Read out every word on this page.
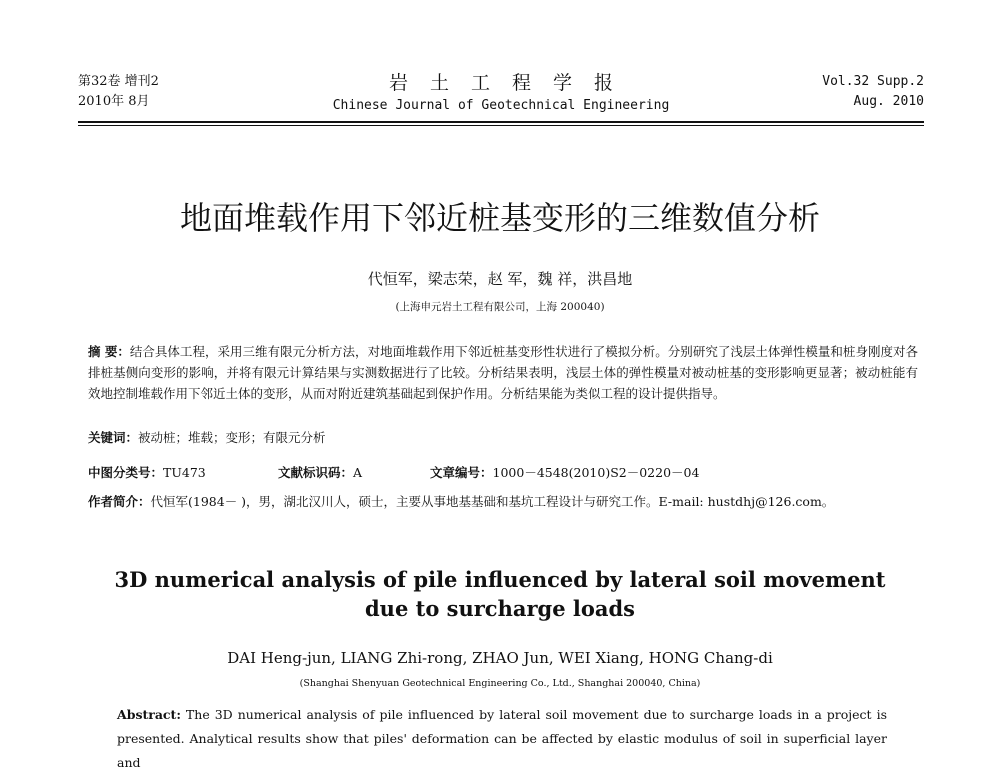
第32卷 增刊2
2010年 8月
岩土工程学报
Chinese Journal of Geotechnical Engineering
Vol.32 Supp.2
Aug. 2010
地面堆载作用下邻近桩基变形的三维数值分析
代恒军，梁志荣，赵 军，魏 祥，洪昌地
(上海申元岩土工程有限公司，上海 200040)
摘 要：结合具体工程，采用三维有限元分析方法，对地面堆载作用下邻近桩基变形性状进行了模拟分析。分别研究了浅层土体弹性模量和桩身刚度对各排桩基侧向变形的影响，并将有限元计算结果与实测数据进行了比较。分析结果表明，浅层土体的弹性模量对被动桩基的变形影响更显著；被动桩能有效地控制堆载作用下邻近土体的变形，从而对附近建筑基础起到保护作用。分析结果能为类似工程的设计提供指导。
关键词：被动桩；堆载；变形；有限元分析
中图分类号：TU473	文献标识码：A	文章编号：1000－4548(2010)S2－0220－04
作者简介：代恒军(1984－ )，男，湖北汉川人，硕士，主要从事地基基础和基坑工程设计与研究工作。E-mail: hustdhj@126.com。
3D numerical analysis of pile influenced by lateral soil movement
due to surcharge loads
DAI Heng-jun, LIANG Zhi-rong, ZHAO Jun, WEI Xiang, HONG Chang-di
(Shanghai Shenyuan Geotechnical Engineering Co., Ltd., Shanghai 200040, China)
Abstract: The 3D numerical analysis of pile influenced by lateral soil movement due to surcharge loads in a project is presented. Analytical results show that piles' deformation can be affected by elastic modulus of soil in superficial layer and
